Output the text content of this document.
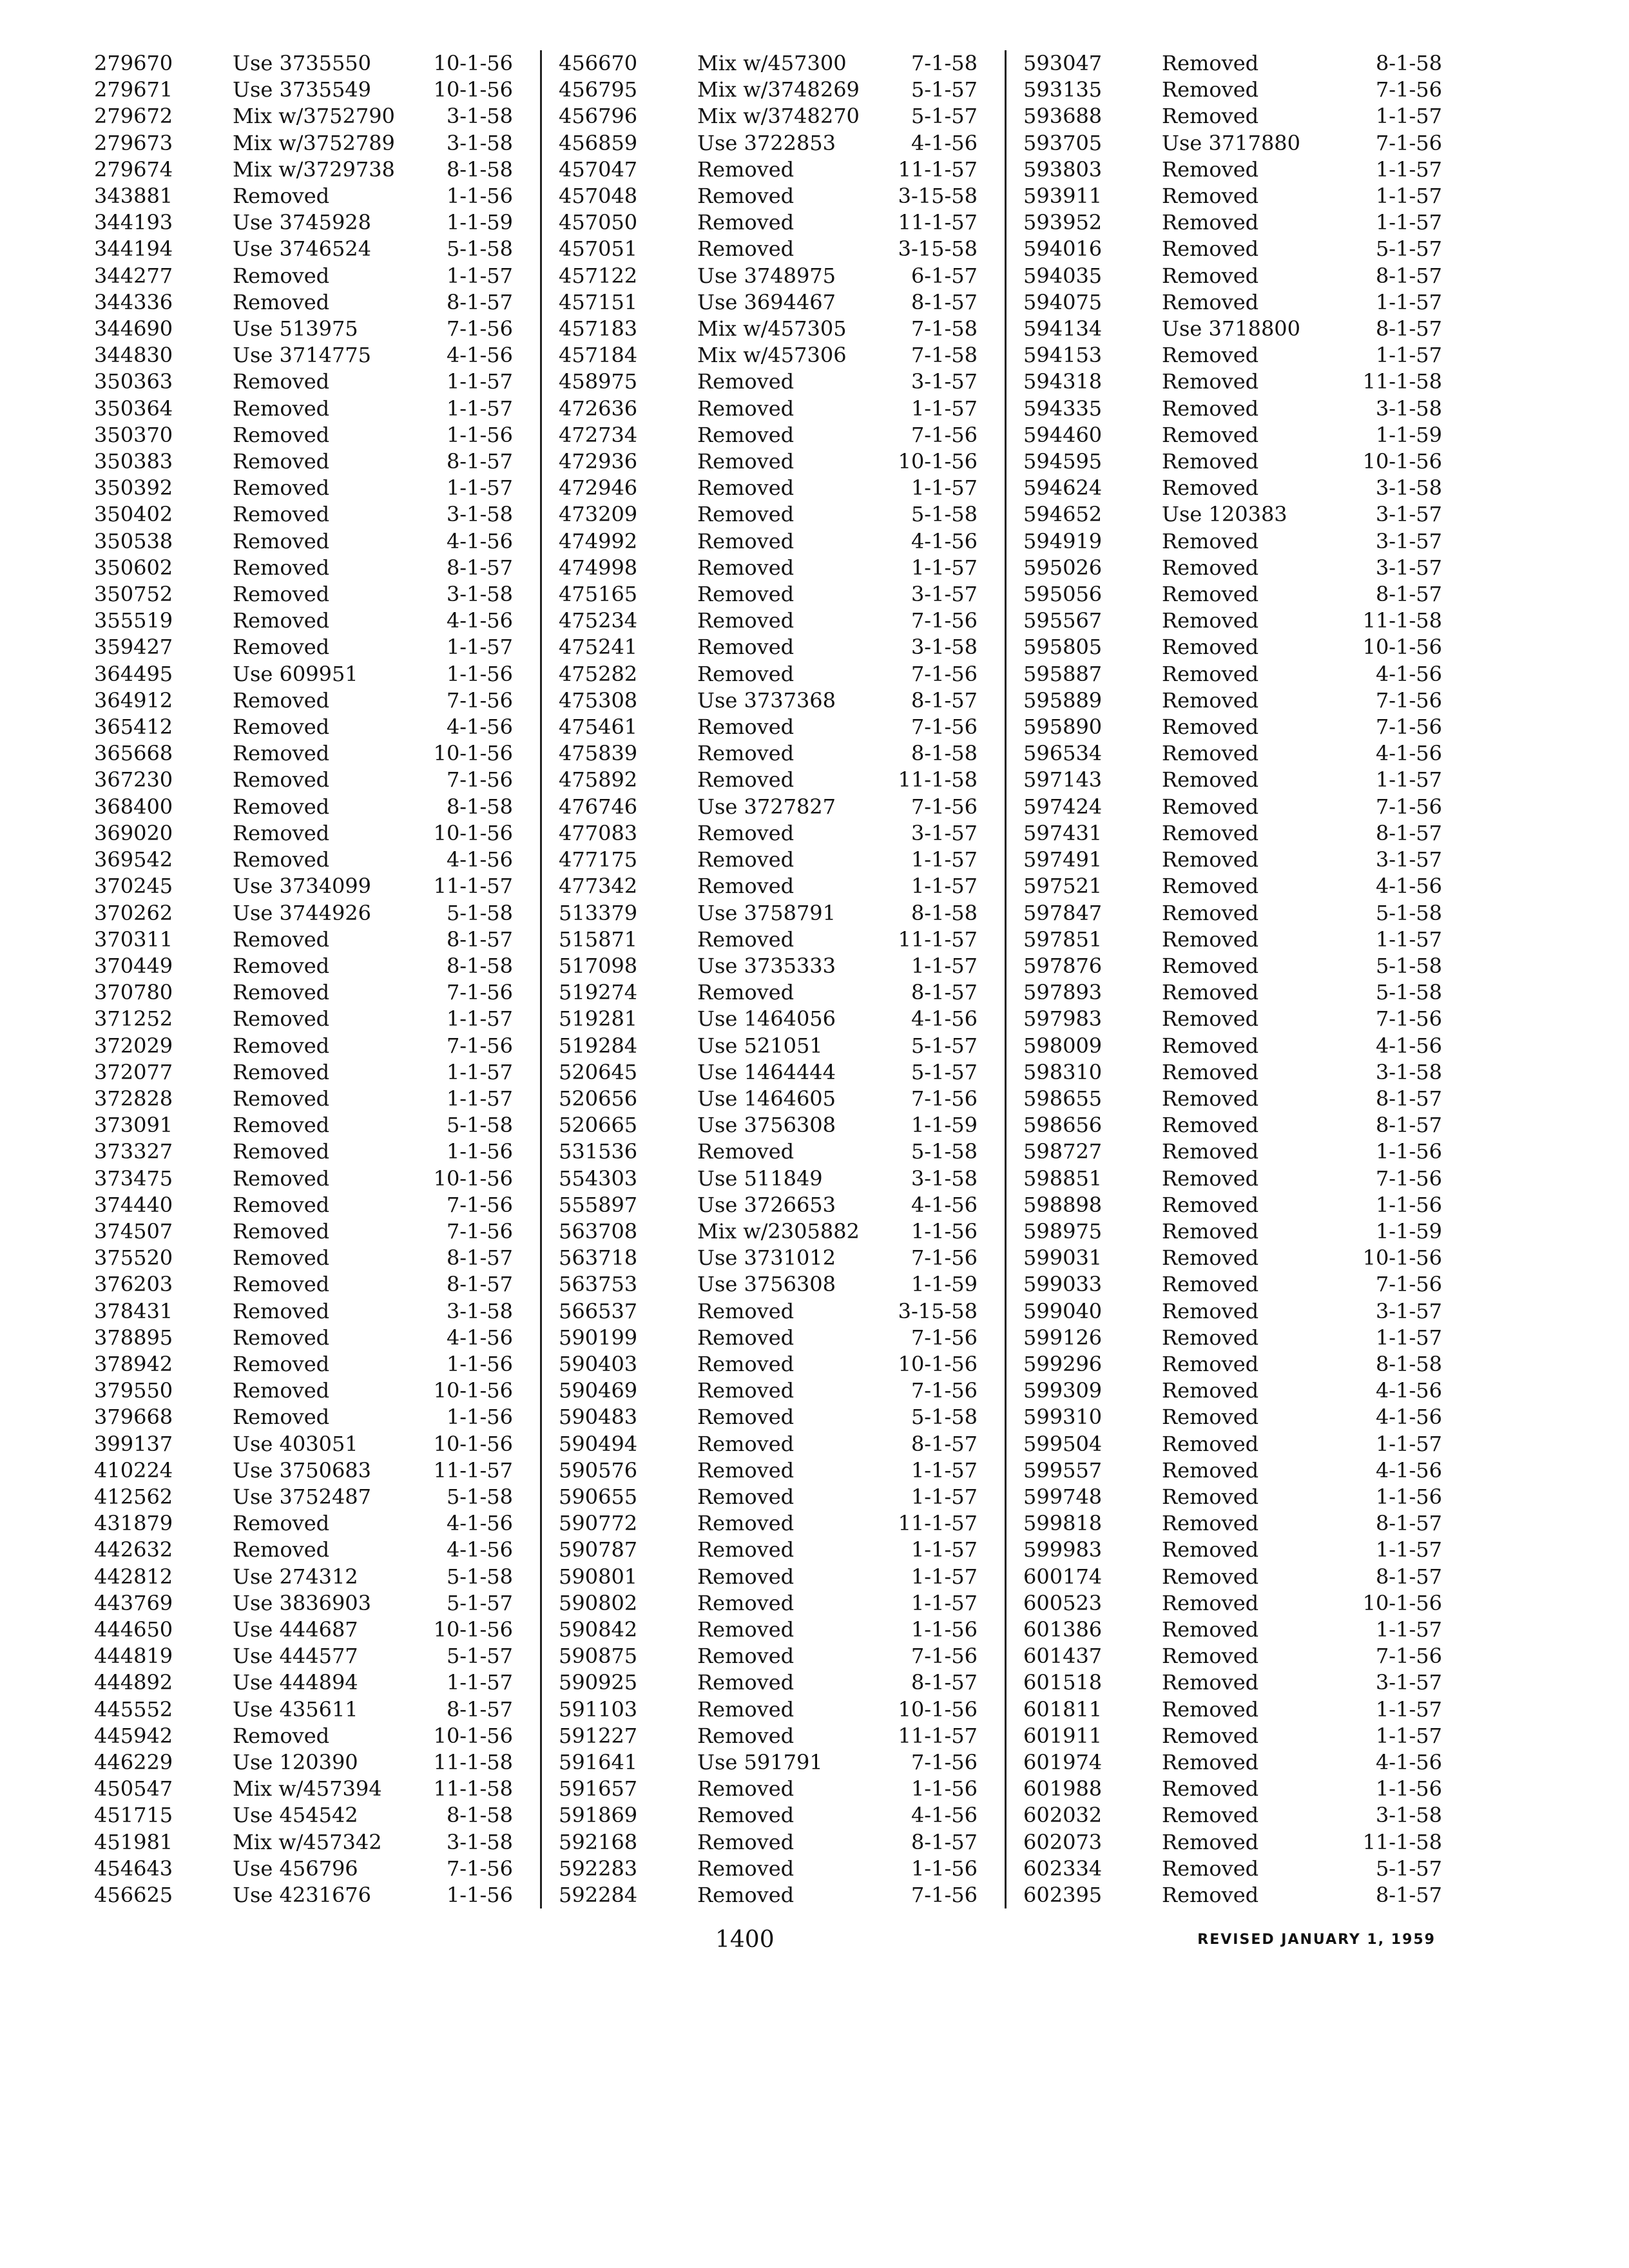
279670	Use 3735550	10-1-56
279671	Use 3735549	10-1-56
279672	Mix w/3752790	3-1-58
279673	Mix w/3752789	3-1-58
279674	Mix w/3729738	8-1-58
343881	Removed	1-1-56
344193	Use 3745928	1-1-59
344194	Use 3746524	5-1-58
344277	Removed	1-1-57
344336	Removed	8-1-57
344690	Use 513975	7-1-56
344830	Use 3714775	4-1-56
350363	Removed	1-1-57
350364	Removed	1-1-57
350370	Removed	1-1-56
350383	Removed	8-1-57
350392	Removed	1-1-57
350402	Removed	3-1-58
350538	Removed	4-1-56
350602	Removed	8-1-57
350752	Removed	3-1-58
355519	Removed	4-1-56
359427	Removed	1-1-57
364495	Use 609951	1-1-56
364912	Removed	7-1-56
365412	Removed	4-1-56
365668	Removed	10-1-56
367230	Removed	7-1-56
368400	Removed	8-1-58
369020	Removed	10-1-56
369542	Removed	4-1-56
370245	Use 3734099	11-1-57
370262	Use 3744926	5-1-58
370311	Removed	8-1-57
370449	Removed	8-1-58
370780	Removed	7-1-56
371252	Removed	1-1-57
372029	Removed	7-1-56
372077	Removed	1-1-57
372828	Removed	1-1-57
373091	Removed	5-1-58
373327	Removed	1-1-56
373475	Removed	10-1-56
374440	Removed	7-1-56
374507	Removed	7-1-56
375520	Removed	8-1-57
376203	Removed	8-1-57
378431	Removed	3-1-58
378895	Removed	4-1-56
378942	Removed	1-1-56
379550	Removed	10-1-56
379668	Removed	1-1-56
399137	Use 403051	10-1-56
410224	Use 3750683	11-1-57
412562	Use 3752487	5-1-58
431879	Removed	4-1-56
442632	Removed	4-1-56
442812	Use 274312	5-1-58
443769	Use 3836903	5-1-57
444650	Use 444687	10-1-56
444819	Use 444577	5-1-57
444892	Use 444894	1-1-57
445552	Use 435611	8-1-57
445942	Removed	10-1-56
446229	Use 120390	11-1-58
450547	Mix w/457394	11-1-58
451715	Use 454542	8-1-58
451981	Mix w/457342	3-1-58
454643	Use 456796	7-1-56
456625	Use 4231676	1-1-56
456670	Mix w/457300	7-1-58
456795	Mix w/3748269	5-1-57
456796	Mix w/3748270	5-1-57
456859	Use 3722853	4-1-56
457047	Removed	11-1-57
457048	Removed	3-15-58
457050	Removed	11-1-57
457051	Removed	3-15-58
457122	Use 3748975	6-1-57
457151	Use 3694467	8-1-57
457183	Mix w/457305	7-1-58
457184	Mix w/457306	7-1-58
458975	Removed	3-1-57
472636	Removed	1-1-57
472734	Removed	7-1-56
472936	Removed	10-1-56
472946	Removed	1-1-57
473209	Removed	5-1-58
474992	Removed	4-1-56
474998	Removed	1-1-57
475165	Removed	3-1-57
475234	Removed	7-1-56
475241	Removed	3-1-58
475282	Removed	7-1-56
475308	Use 3737368	8-1-57
475461	Removed	7-1-56
475839	Removed	8-1-58
475892	Removed	11-1-58
476746	Use 3727827	7-1-56
477083	Removed	3-1-57
477175	Removed	1-1-57
477342	Removed	1-1-57
513379	Use 3758791	8-1-58
515871	Removed	11-1-57
517098	Use 3735333	1-1-57
519274	Removed	8-1-57
519281	Use 1464056	4-1-56
519284	Use 521051	5-1-57
520645	Use 1464444	5-1-57
520656	Use 1464605	7-1-56
520665	Use 3756308	1-1-59
531536	Removed	5-1-58
554303	Use 511849	3-1-58
555897	Use 3726653	4-1-56
563708	Mix w/2305882	1-1-56
563718	Use 3731012	7-1-56
563753	Use 3756308	1-1-59
566537	Removed	3-15-58
590199	Removed	7-1-56
590403	Removed	10-1-56
590469	Removed	7-1-56
590483	Removed	5-1-58
590494	Removed	8-1-57
590576	Removed	1-1-57
590655	Removed	1-1-57
590772	Removed	11-1-57
590787	Removed	1-1-57
590801	Removed	1-1-57
590802	Removed	1-1-57
590842	Removed	1-1-56
590875	Removed	7-1-56
590925	Removed	8-1-57
591103	Removed	10-1-56
591227	Removed	11-1-57
591641	Use 591791	7-1-56
591657	Removed	1-1-56
591869	Removed	4-1-56
592168	Removed	8-1-57
592283	Removed	1-1-56
592284	Removed	7-1-56
593047	Removed	8-1-58
593135	Removed	7-1-56
593688	Removed	1-1-57
593705	Use 3717880	7-1-56
593803	Removed	1-1-57
593911	Removed	1-1-57
593952	Removed	1-1-57
594016	Removed	5-1-57
594035	Removed	8-1-57
594075	Removed	1-1-57
594134	Use 3718800	8-1-57
594153	Removed	1-1-57
594318	Removed	11-1-58
594335	Removed	3-1-58
594460	Removed	1-1-59
594595	Removed	10-1-56
594624	Removed	3-1-58
594652	Use 120383	3-1-57
594919	Removed	3-1-57
595026	Removed	3-1-57
595056	Removed	8-1-57
595567	Removed	11-1-58
595805	Removed	10-1-56
595887	Removed	4-1-56
595889	Removed	7-1-56
595890	Removed	7-1-56
596534	Removed	4-1-56
597143	Removed	1-1-57
597424	Removed	7-1-56
597431	Removed	8-1-57
597491	Removed	3-1-57
597521	Removed	4-1-56
597847	Removed	5-1-58
597851	Removed	1-1-57
597876	Removed	5-1-58
597893	Removed	5-1-58
597983	Removed	7-1-56
598009	Removed	4-1-56
598310	Removed	3-1-58
598655	Removed	8-1-57
598656	Removed	8-1-57
598727	Removed	1-1-56
598851	Removed	7-1-56
598898	Removed	1-1-56
598975	Removed	1-1-59
599031	Removed	10-1-56
599033	Removed	7-1-56
599040	Removed	3-1-57
599126	Removed	1-1-57
599296	Removed	8-1-58
599309	Removed	4-1-56
599310	Removed	4-1-56
599504	Removed	1-1-57
599557	Removed	4-1-56
599748	Removed	1-1-56
599818	Removed	8-1-57
599983	Removed	1-1-57
600174	Removed	8-1-57
600523	Removed	10-1-56
601386	Removed	1-1-57
601437	Removed	7-1-56
601518	Removed	3-1-57
601811	Removed	1-1-57
601911	Removed	1-1-57
601974	Removed	4-1-56
601988	Removed	1-1-56
602032	Removed	3-1-58
602073	Removed	11-1-58
602334	Removed	5-1-57
602395	Removed	8-1-57
1400	REVISED JANUARY 1, 1959
